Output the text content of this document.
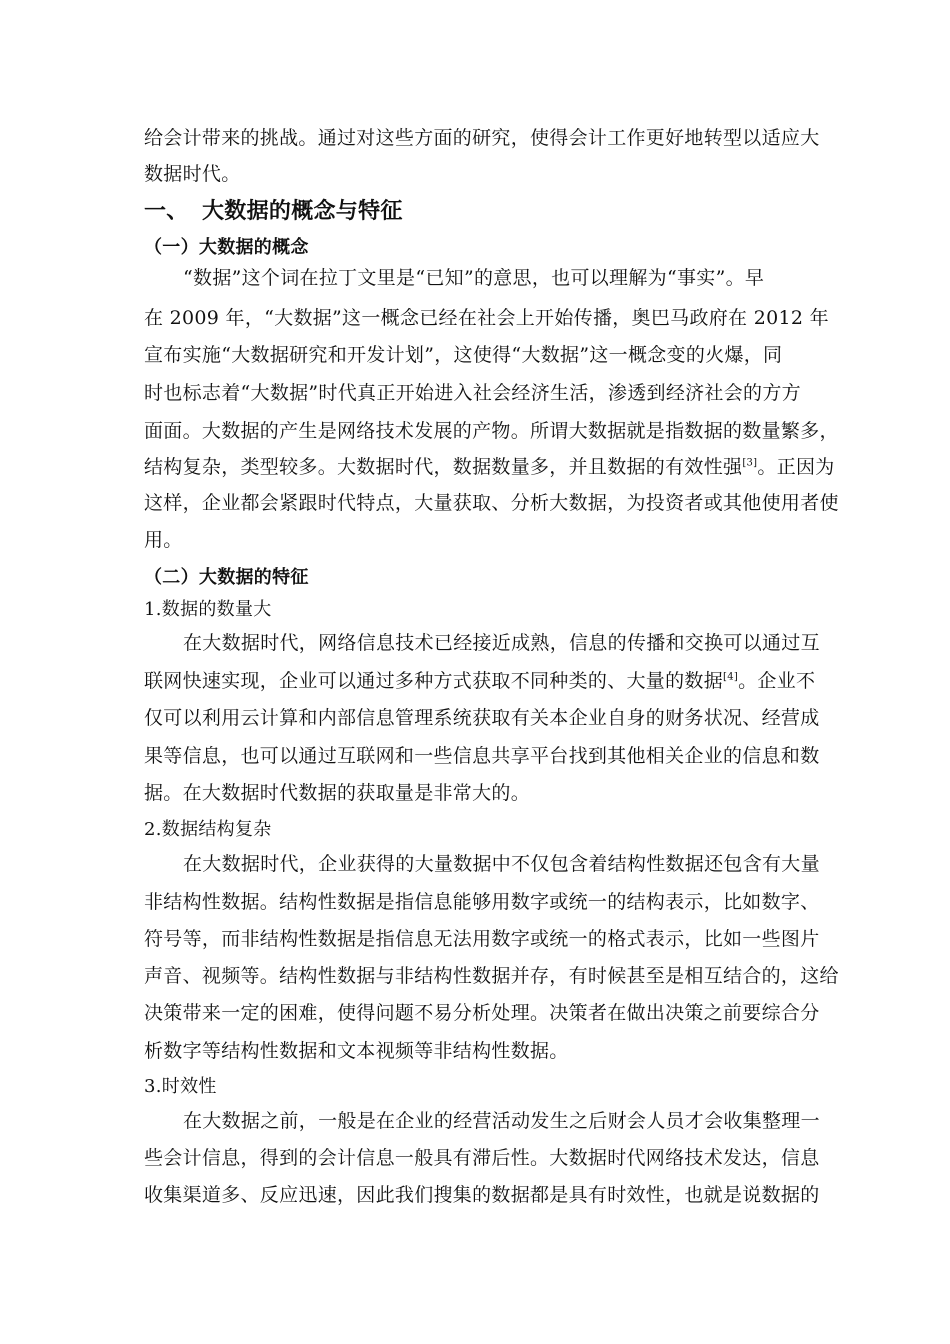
给会计带来的挑战。通过对这些方面的研究，使得会计工作更好地转型以适应大
数据时代。
一、 大数据的概念与特征
（一）大数据的概念
“数据”这个词在拉丁文里是“已知”的意思，也可以理解为“事实”。早
在 2009 年，“大数据”这一概念已经在社会上开始传播，奥巴马政府在 2012 年
宣布实施“大数据研究和开发计划”，这使得“大数据”这一概念变的火爆，同
时也标志着“大数据”时代真正开始进入社会经济生活，渗透到经济社会的方方
面面。大数据的产生是网络技术发展的产物。所谓大数据就是指数据的数量繁多，
结构复杂，类型较多。大数据时代，数据数量多，并且数据的有效性强[3]。正因为
这样，企业都会紧跟时代特点，大量获取、分析大数据，为投资者或其他使用者使
用。
（二）大数据的特征
1.数据的数量大
在大数据时代，网络信息技术已经接近成熟，信息的传播和交换可以通过互
联网快速实现，企业可以通过多种方式获取不同种类的、大量的数据[4]。企业不
仅可以利用云计算和内部信息管理系统获取有关本企业自身的财务状况、经营成
果等信息，也可以通过互联网和一些信息共享平台找到其他相关企业的信息和数
据。在大数据时代数据的获取量是非常大的。
2.数据结构复杂
在大数据时代，企业获得的大量数据中不仅包含着结构性数据还包含有大量
非结构性数据。结构性数据是指信息能够用数字或统一的结构表示，比如数字、
符号等，而非结构性数据是指信息无法用数字或统一的格式表示，比如一些图片
声音、视频等。结构性数据与非结构性数据并存，有时候甚至是相互结合的，这给
决策带来一定的困难，使得问题不易分析处理。决策者在做出决策之前要综合分
析数字等结构性数据和文本视频等非结构性数据。
3.时效性
在大数据之前，一般是在企业的经营活动发生之后财会人员才会收集整理一
些会计信息，得到的会计信息一般具有滞后性。大数据时代网络技术发达，信息
收集渠道多、反应迅速，因此我们搜集的数据都是具有时效性，也就是说数据的
